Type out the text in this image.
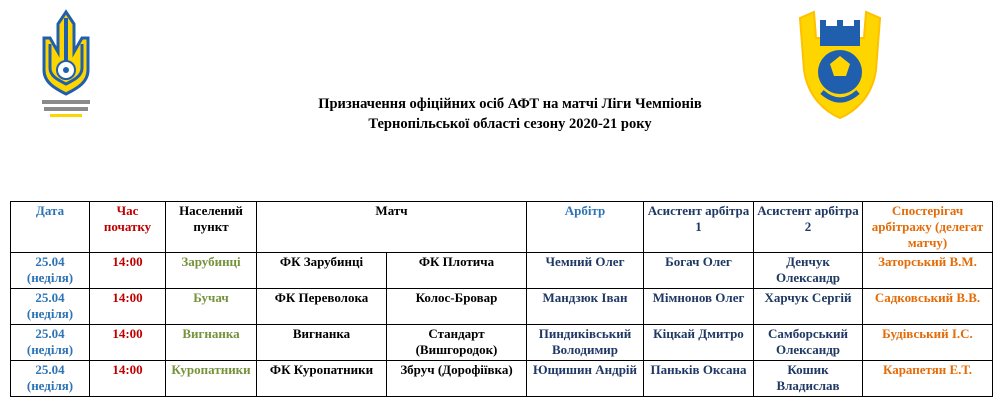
Призначення офіційних осіб АФТ на матчі Ліги Чемпіонів
Тернопільської області сезону 2020-21 року
Дата	Час початку	Населений пункт	Матч		Арбітр	Асистент арбітра 1	Асистент арбітра 2	Спостерігач арбітражу (делегат матчу)
25.04 (неділя)	14:00	Зарубинці	ФК Зарубинці	ФК Плотича	Чемний Олег	Богач Олег	Денчук Олександр	Заторський В.М.
25.04 (неділя)	14:00	Бучач	ФК Переволока	Колос-Бровар	Мандзюк Іван	Мімнонов Олег	Харчук Сергій	Садковський В.В.
25.04 (неділя)	14:00	Вигнанка	Вигнанка	Стандарт (Вишгородок)	Пиндиківський Володимир	Кіцкай Дмитро	Самборський Олександр	Будівський І.С.
25.04 (неділя)	14:00	Куропатники	ФК Куропатники	Збруч (Дорофіївка)	Ющишин Андрій	Паньків Оксана	Кошик Владислав	Карапетян Е.Т.
